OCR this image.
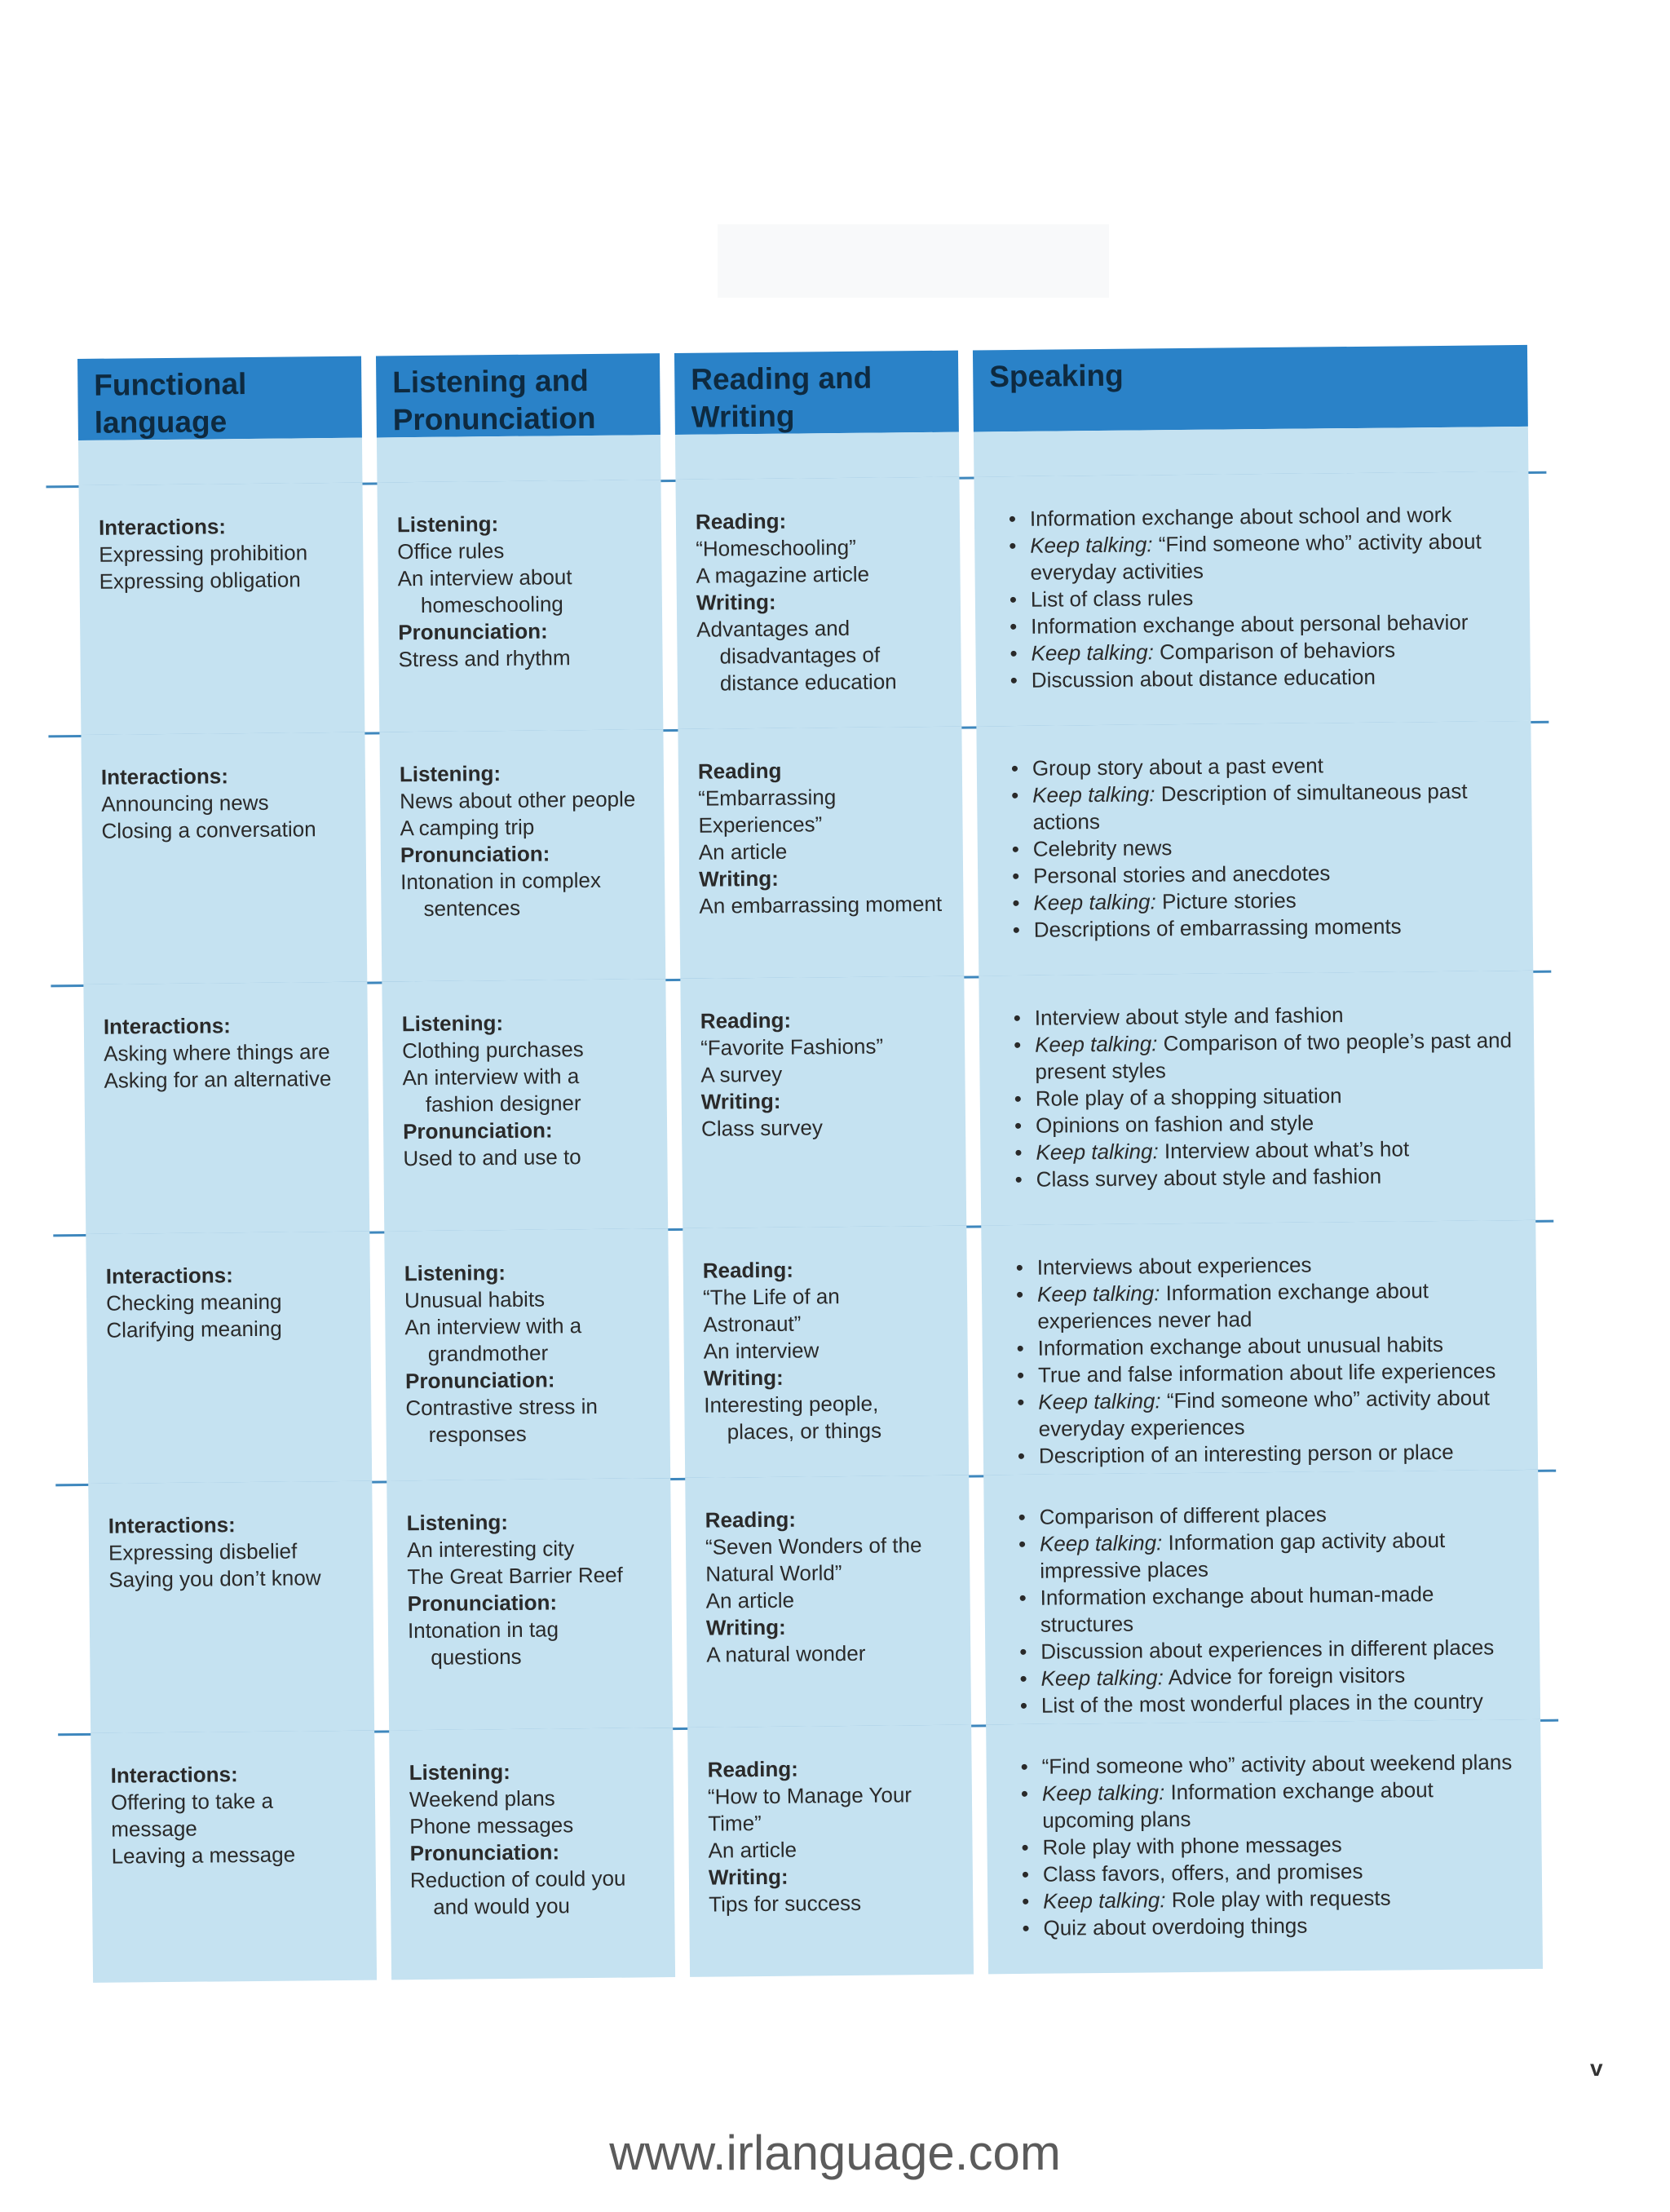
Functional language
Listening and Pronunciation
Reading and Writing
Speaking
Interactions:
Expressing prohibition
Expressing obligation
Listening:
Office rules
An interview about
homeschooling
Pronunciation:
Stress and rhythm
Reading:
“Homeschooling”
A magazine article
Writing:
Advantages and
disadvantages of
distance education
• Information exchange about school and work
• Keep talking: “Find someone who” activity about everyday activities
• List of class rules
• Information exchange about personal behavior
• Keep talking: Comparison of behaviors
• Discussion about distance education
Interactions:
Announcing news
Closing a conversation
Listening:
News about other people
A camping trip
Pronunciation:
Intonation in complex
sentences
Reading
“Embarrassing
Experiences”
An article
Writing:
An embarrassing moment
• Group story about a past event
• Keep talking: Description of simultaneous past actions
• Celebrity news
• Personal stories and anecdotes
• Keep talking: Picture stories
• Descriptions of embarrassing moments
Interactions:
Asking where things are
Asking for an alternative
Listening:
Clothing purchases
An interview with a
fashion designer
Pronunciation:
Used to and use to
Reading:
“Favorite Fashions”
A survey
Writing:
Class survey
• Interview about style and fashion
• Keep talking: Comparison of two people’s past and present styles
• Role play of a shopping situation
• Opinions on fashion and style
• Keep talking: Interview about what’s hot
• Class survey about style and fashion
Interactions:
Checking meaning
Clarifying meaning
Listening:
Unusual habits
An interview with a
grandmother
Pronunciation:
Contrastive stress in
responses
Reading:
“The Life of an
Astronaut”
An interview
Writing:
Interesting people,
places, or things
• Interviews about experiences
• Keep talking: Information exchange about experiences never had
• Information exchange about unusual habits
• True and false information about life experiences
• Keep talking: “Find someone who” activity about everyday experiences
• Description of an interesting person or place
Interactions:
Expressing disbelief
Saying you don’t know
Listening:
An interesting city
The Great Barrier Reef
Pronunciation:
Intonation in tag
questions
Reading:
“Seven Wonders of the
Natural World”
An article
Writing:
A natural wonder
• Comparison of different places
• Keep talking: Information gap activity about impressive places
• Information exchange about human-made structures
• Discussion about experiences in different places
• Keep talking: Advice for foreign visitors
• List of the most wonderful places in the country
Interactions:
Offering to take a message
Leaving a message
Listening:
Weekend plans
Phone messages
Pronunciation:
Reduction of could you
and would you
Reading:
“How to Manage Your
Time”
An article
Writing:
Tips for success
• “Find someone who” activity about weekend plans
• Keep talking: Information exchange about upcoming plans
• Role play with phone messages
• Class favors, offers, and promises
• Keep talking: Role play with requests
• Quiz about overdoing things
v
www.irlanguage.com
